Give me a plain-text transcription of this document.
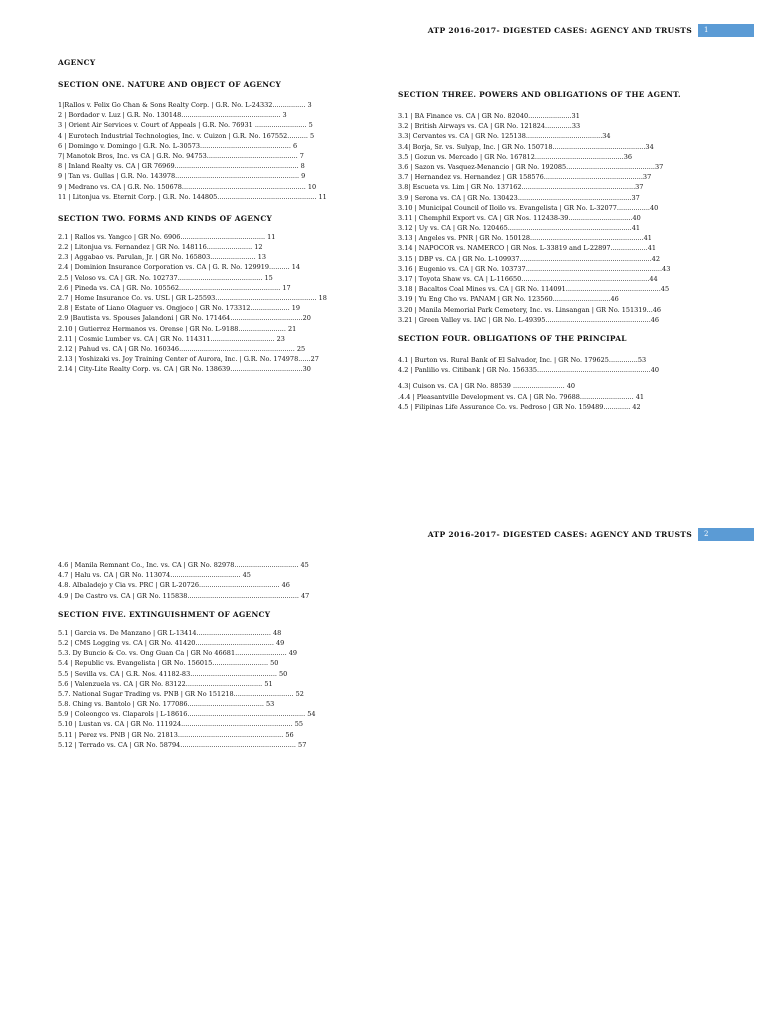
ATP 2016-2017- DIGESTED CASES: AGENCY AND TRUSTS	1
AGENCY
SECTION ONE. NATURE AND OBJECT OF AGENCY
1|Rallos v. Felix Go Chan & Sons Realty Corp. | G.R. No. L-24332................ 3
2 | Bordador v. Luz | G.R. No. 130148................................................ 3
3 | Orient Air Services v. Court of Appeals | G.R. No. 76931 ......................... 5
4 | Eurotech Industrial Technologies, Inc. v. Cuizon | G.R. No. 167552.......... 5
6 | Domingo v. Domingo | G.R. No. L-30573............................................ 6
7| Manotok Bros, Inc. vs CA | G.R. No. 94753............................................ 7
8 | Inland Realty vs. CA | GR 76969............................................................ 8
9 | Tan vs. Gullas | G.R. No. 143978............................................................ 9
9 | Medrano vs. CA | G.R. No. 150678............................................................ 10
11 | Litonjua vs. Eternit Corp. | G.R. No. 144805................................................ 11
SECTION TWO. FORMS AND KINDS OF AGENCY
2.1 | Rallos vs. Yangco | GR No. 6906......................................... 11
2.2 | Litonjua vs. Fernandez | GR No. 148116...................... 12
2.3 | Aggabao vs. Parulan, Jr. | GR No. 165803...................... 13
2.4 | Dominion Insurance Corporation vs. CA | G. R. No. 129919.......... 14
2.5 | Veloso vs. CA | GR. No. 102737......................................... 15
2.6 | Pineda vs. CA | GR. No. 105562................................................. 17
2.7 | Home Insurance Co. vs. USL | GR L-25593................................................. 18
2.8 | Estate of Liano Olaguer vs. Ongjoco | GR No. 173312................... 19
2.9 |Bautista vs. Spouses Jalandoni | GR No. 171464...................................20
2.10 | Gutierrez Hermanos vs. Orense | GR No. L-9188....................... 21
2.11 | Cosmic Lumber vs. CA | GR No. 114311............................... 23
2.12 | Pahud vs. CA | GR No. 160346........................................................ 25
2.13 | Yoshizaki vs. Joy Training Center of Aurora, Inc. | G.R. No. 174978......27
2.14 | City-Lite Realty Corp. vs. CA | GR No. 138639...................................30
SECTION THREE. POWERS AND OBLIGATIONS OF THE AGENT.
3.1 | BA Finance vs. CA | GR No. 82040.....................31
3.2 | British Airways vs. CA | GR No. 121824.............33
3.3| Cervantes vs. CA | GR No. 125138.....................................34
3.4| Borja, Sr. vs. Sulyap, Inc. | GR No. 150718.............................................34
3.5 | Gozun vs. Mercado | GR No. 167812...........................................36
3.6 | Sazon vs. Vasquez-Menancio | GR No. 192085...........................................37
3.7 | Hernandez vs. Hernandez | GR 158576................................................37
3.8| Escueta vs. Lim | GR No. 137162.......................................................37
3.9 | Serona vs. CA | GR No. 130423.......................................................37
3.10 | Municipal Council of Iloilo vs. Evangelista | GR No. L-32077................40
3.11 | Chemphil Export vs. CA | GR Nos. 112438-39...............................40
3.12 | Uy vs. CA | GR No. 120465............................................................41
3.13 | Angeles vs. PNR | GR No. 150128.......................................................41
3.14 | NAPOCOR vs. NAMERCO | GR Nos. L-33819 and L-22897..................41
3.15 | DBP vs. CA | GR No. L-109937................................................................42
3.16 | Eugenio vs. CA | GR No. 103737..................................................................43
3.17 | Toyota Shaw vs. CA | L-116650..............................................................44
3.18 | Bacaltos Coal Mines vs. CA | GR No. 114091..............................................45
3.19 | Yu Eng Cho vs. PANAM | GR No. 123560............................46
3.20 | Manila Memorial Park Cemetery, Inc. vs. Linsangan | GR No. 151319...46
3.21 | Green Valley vs. IAC | GR No. L-49395...................................................46
SECTION FOUR. OBLIGATIONS OF THE PRINCIPAL
4.1 | Burton vs. Rural Bank of El Salvador, Inc. | GR No. 179625..............53
4.2 | Panlilio vs. Citibank | GR No. 156335.......................................................40
4.3| Cuison vs. CA | GR No. 88539 ......................... 40
.4.4 | Pleasantville Development vs. CA | GR No. 79688.......................... 41
4.5 | Filipinas Life Assurance Co. vs. Pedroso | GR No. 159489............. 42
ATP 2016-2017- DIGESTED CASES: AGENCY AND TRUSTS	2
4.6 | Manila Remnant Co., Inc. vs. CA | GR No. 82978............................... 45
4.7 | Halu vs. CA | GR No. 113074.................................. 45
4.8. Albaladejo y Cia vs. PRC | GR L-20726....................................... 46
4.9 | De Castro vs. CA | GR No. 115838...................................................... 47
SECTION FIVE. EXTINGUISHMENT OF AGENCY
5.1 | Garcia vs. De Manzano | GR L-13414.................................... 48
5.2 | CMS Logging vs. CA | GR No. 41420...................................... 49
5.3. Dy Buncio & Co. vs. Ong Guan Ca | GR No 46681......................... 49
5.4 | Republic vs. Evangelista | GR No. 156015........................... 50
5.5 | Sevilla vs. CA | G.R. Nos. 41182-83.......................................... 50
5.6 | Valenzuela vs. CA | GR No. 83122..................................... 51
5.7. National Sugar Trading vs. PNB | GR No 151218............................. 52
5.8. Ching vs. Bantolo | GR No. 177086..................................... 53
5.9 | Coleongco vs. Claparols | L-18616......................................................... 54
5.10 | Lustan vs. CA | GR No. 111924...................................................... 55
5.11 | Perez vs. PNB | GR No. 21813................................................... 56
5.12 | Terrado vs. CA | GR No. 58794........................................................ 57
